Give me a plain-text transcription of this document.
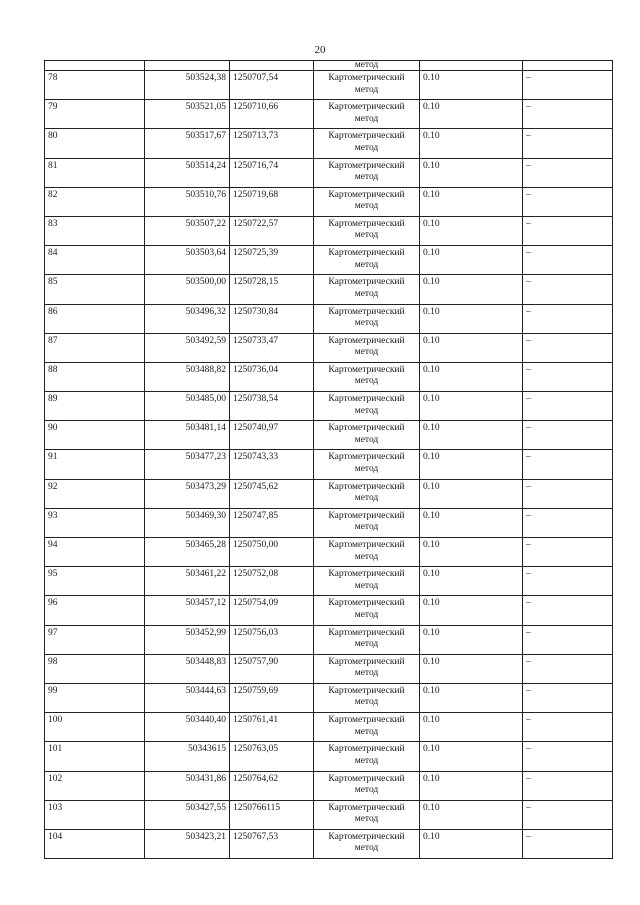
20

			метод		

78	503524,38	1250707,54	Картометрический
метод	0.10	–
79	503521,05	1250710,66	Картометрический
метод	0.10	–
80	503517,67	1250713,73	Картометрический
метод	0.10	–
81	503514,24	1250716,74	Картометрический
метод	0.10	–
82	503510,76	1250719,68	Картометрический
метод	0.10	–
83	503507,22	1250722,57	Картометрический
метод	0.10	–
84	503503,64	1250725,39	Картометрический
метод	0.10	–
85	503500,00	1250728,15	Картометрический
метод	0.10	–
86	503496,32	1250730,84	Картометрический
метод	0.10	–
87	503492,59	1250733,47	Картометрический
метод	0.10	–
88	503488,82	1250736,04	Картометрический
метод	0.10	–
89	503485,00	1250738,54	Картометрический
метод	0.10	–
90	503481,14	1250740,97	Картометрический
метод	0.10	–
91	503477,23	1250743,33	Картометрический
метод	0.10	–
92	503473,29	1250745,62	Картометрический
метод	0.10	–
93	503469,30	1250747,85	Картометрический
метод	0.10	–
94	503465,28	1250750,00	Картометрический
метод	0.10	–
95	503461,22	1250752,08	Картометрический
метод	0.10	–
96	503457,12	1250754,09	Картометрический
метод	0.10	–
97	503452,99	1250756,03	Картометрический
метод	0.10	–
98	503448,83	1250757,90	Картометрический
метод	0.10	–
99	503444,63	1250759,69	Картометрический
метод	0.10	–
100	503440,40	1250761,41	Картометрический
метод	0.10	–
101	50343615	1250763,05	Картометрический
метод	0.10	–
102	503431,86	1250764,62	Картометрический
метод	0.10	–
103	503427,55	1250766115	Картометрический
метод	0.10	–
104	503423,21	1250767,53	Картометрический
метод	0.10	–
